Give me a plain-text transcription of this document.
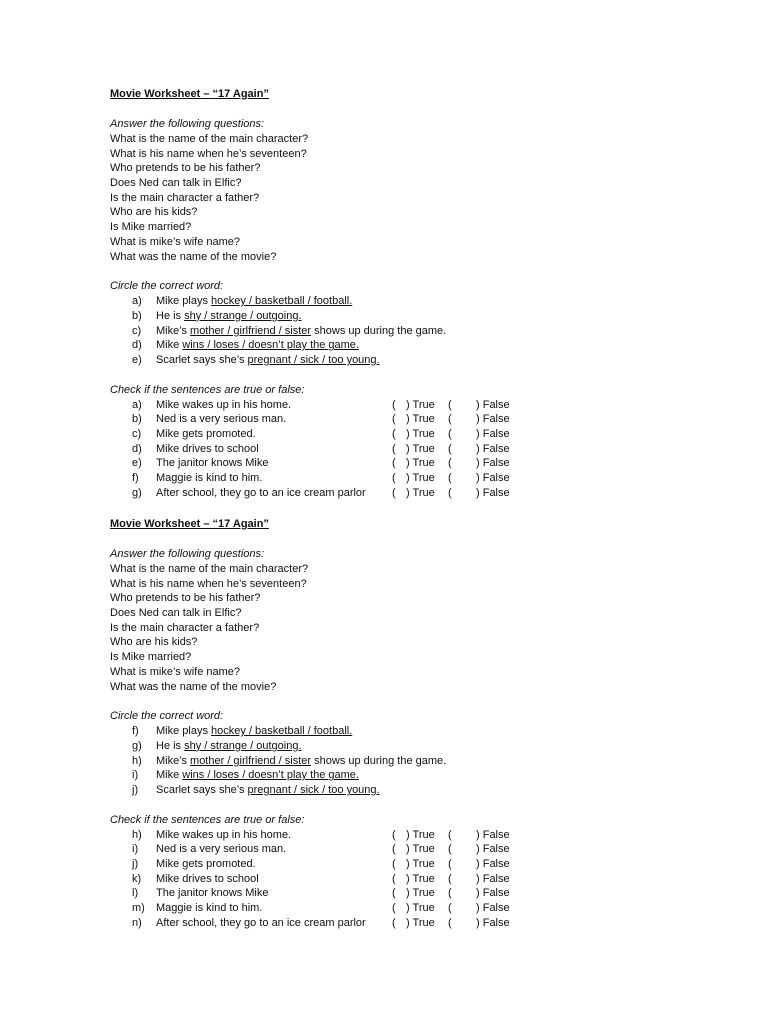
Movie Worksheet – “17 Again”
Answer the following questions:
What is the name of the main character?
What is his name when he’s seventeen?
Who pretends to be his father?
Does Ned can talk in Elfic?
Is the main character a father?
Who are his kids?
Is Mike married?
What is mike’s wife name?
What was the name of the movie?
Circle the correct word:
a) Mike plays hockey / basketball / football.
b) He is shy / strange / outgoing.
c) Mike’s mother / girlfriend / sister shows up during the game.
d) Mike wins / loses / doesn’t play the game.
e) Scarlet says she’s pregnant / sick / too young.
Check if the sentences are true or false:
a) Mike wakes up in his home.	( ) True ( ) False
b) Ned is a very serious man.	( ) True ( ) False
c) Mike gets promoted.	( ) True ( ) False
d) Mike drives to school	( ) True ( ) False
e) The janitor knows Mike	( ) True ( ) False
f) Maggie is kind to him.	( ) True ( ) False
g) After school, they go to an ice cream parlor ( ) True ( ) False
Movie Worksheet – “17 Again”
Answer the following questions:
What is the name of the main character?
What is his name when he’s seventeen?
Who pretends to be his father?
Does Ned can talk in Elfic?
Is the main character a father?
Who are his kids?
Is Mike married?
What is mike’s wife name?
What was the name of the movie?
Circle the correct word:
f) Mike plays hockey / basketball / football.
g) He is shy / strange / outgoing.
h) Mike’s mother / girlfriend / sister shows up during the game.
i) Mike wins / loses / doesn’t play the game.
j) Scarlet says she’s pregnant / sick / too young.
Check if the sentences are true or false:
h) Mike wakes up in his home.	( ) True ( ) False
i) Ned is a very serious man.	( ) True ( ) False
j) Mike gets promoted.	( ) True ( ) False
k) Mike drives to school	( ) True ( ) False
l) The janitor knows Mike	( ) True ( ) False
m) Maggie is kind to him.	( ) True ( ) False
n) After school, they go to an ice cream parlor ( ) True ( ) False
